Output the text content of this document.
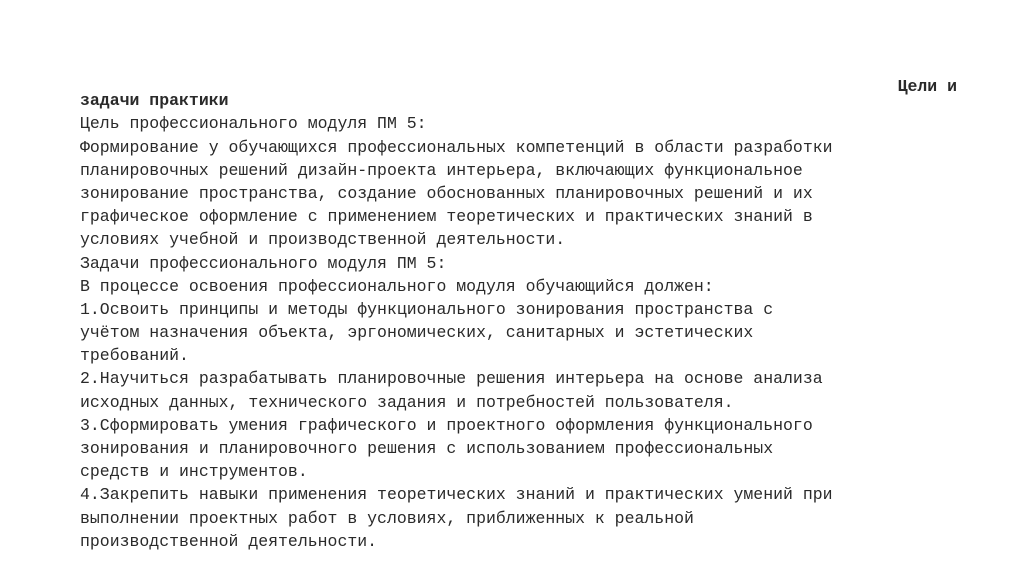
Цели и
задачи практики
Цель профессионального модуля ПМ 5:
Формирование у обучающихся профессиональных компетенций в области разработки
планировочных решений дизайн-проекта интерьера, включающих функциональное
зонирование пространства, создание обоснованных планировочных решений и их
графическое оформление с применением теоретических и практических знаний в
условиях учебной и производственной деятельности.
Задачи профессионального модуля ПМ 5:
В процессе освоения профессионального модуля обучающийся должен:
1.Освоить принципы и методы функционального зонирования пространства с
учётом назначения объекта, эргономических, санитарных и эстетических
требований.
2.Научиться разрабатывать планировочные решения интерьера на основе анализа
исходных данных, технического задания и потребностей пользователя.
3.Сформировать умения графического и проектного оформления функционального
зонирования и планировочного решения с использованием профессиональных
средств и инструментов.
4.Закрепить навыки применения теоретических знаний и практических умений при
выполнении проектных работ в условиях, приближенных к реальной
производственной деятельности.
